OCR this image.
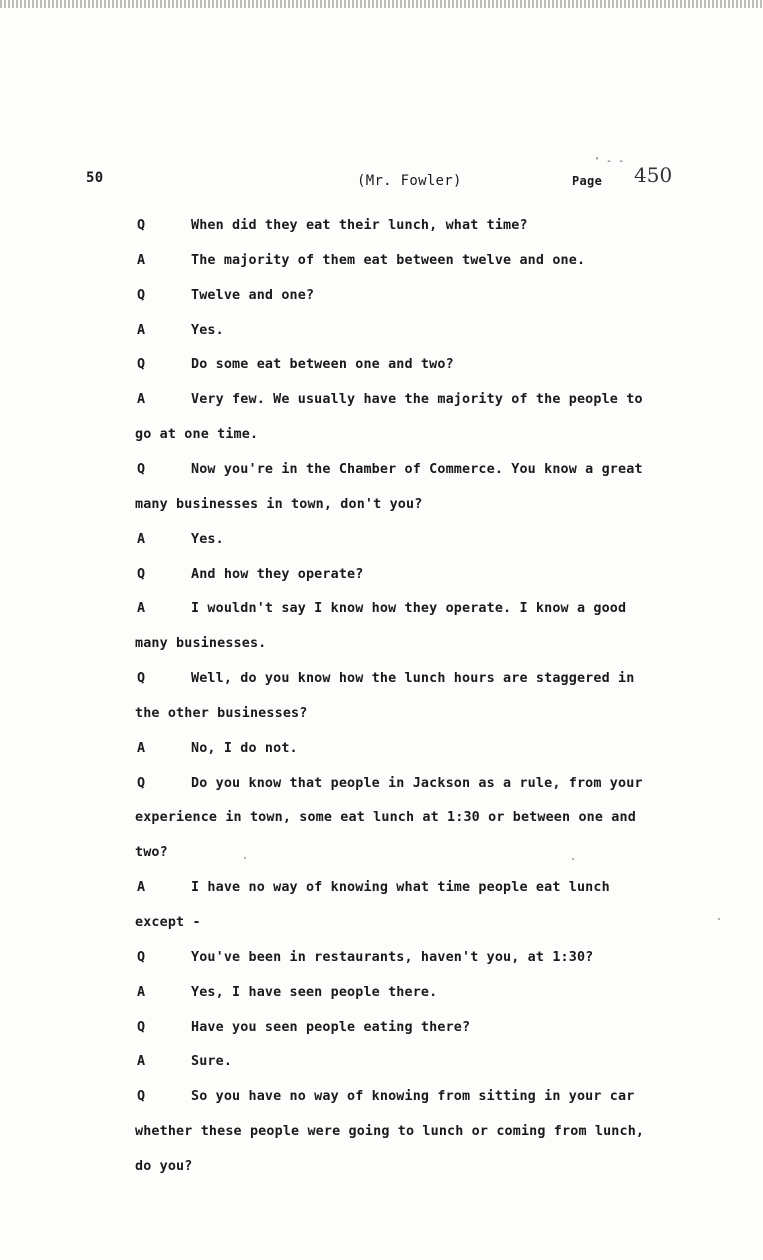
50	(Mr. Fowler)	Page
' - -
450
Q	When did they eat their lunch, what time?
A	The majority of them eat between twelve and one.
Q	Twelve and one?
A	Yes.
Q	Do some eat between one and two?
A	Very few. We usually have the majority of the people to
go at one time.
Q	Now you're in the Chamber of Commerce. You know a great
many businesses in town, don't you?
A	Yes.
Q	And how they operate?
A	I wouldn't say I know how they operate. I know a good
many businesses.
Q	Well, do you know how the lunch hours are staggered in
the other businesses?
A	No, I do not.
Q	Do you know that people in Jackson as a rule, from your
experience in town, some eat lunch at 1:30 or between one and
two?
A	I have no way of knowing what time people eat lunch
except -
Q	You've been in restaurants, haven't you, at 1:30?
A	Yes, I have seen people there.
Q	Have you seen people eating there?
A	Sure.
Q	So you have no way of knowing from sitting in your car
whether these people were going to lunch or coming from lunch,
do you?
